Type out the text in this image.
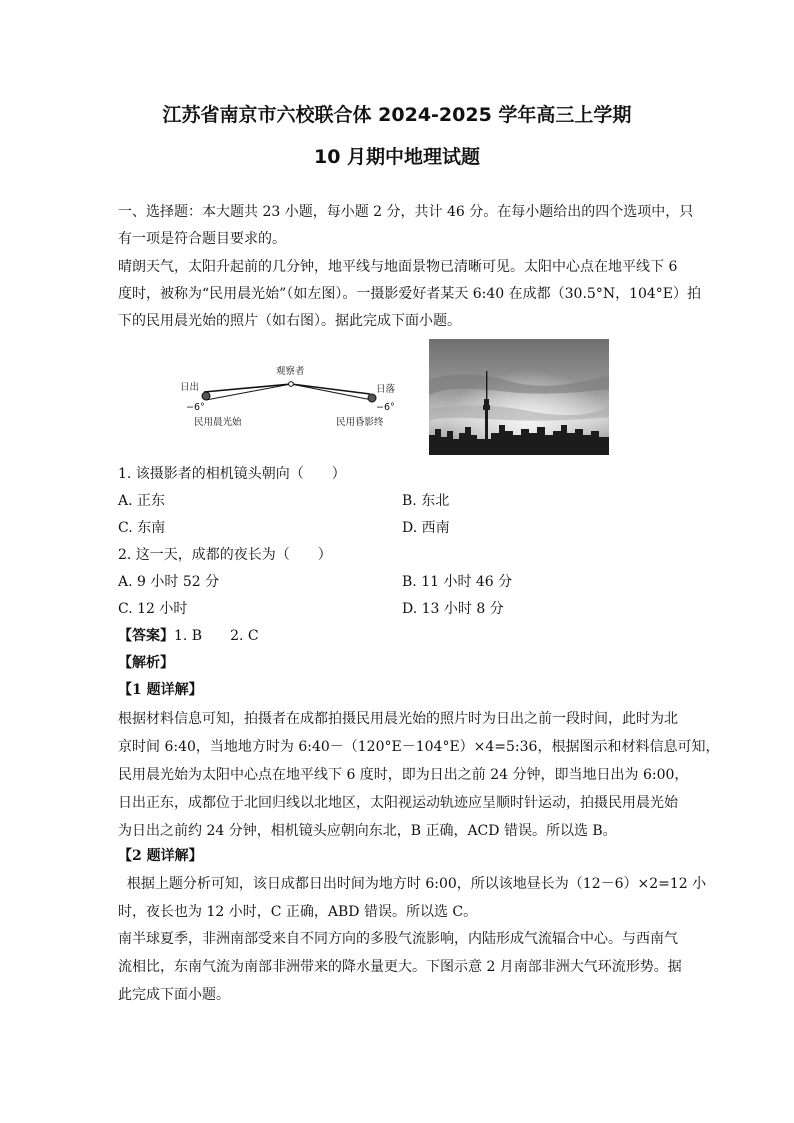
江苏省南京市六校联合体 2024-2025 学年高三上学期
10 月期中地理试题
一、选择题：本大题共 23 小题，每小题 2 分，共计 46 分。在每小题给出的四个选项中，只
有一项是符合题目要求的。
晴朗天气，太阳升起前的几分钟，地平线与地面景物已清晰可见。太阳中心点在地平线下 6
度时，被称为“民用晨光始”（如左图）。一摄影爱好者某天 6:40 在成都（30.5°N，104°E）拍
下的民用晨光始的照片（如右图）。据此完成下面小题。
观察者
日出	日落
−6°	−6°
民用晨光始	民用昏影终
1. 该摄影者的相机镜头朝向（　　）
A. 正东	B. 东北
C. 东南	D. 西南
2. 这一天，成都的夜长为（　　）
A. 9 小时 52 分	B. 11 小时 46 分
C. 12 小时	D. 13 小时 8 分
【答案】1. B　　2. C
【解析】
【1 题详解】
根据材料信息可知，拍摄者在成都拍摄民用晨光始的照片时为日出之前一段时间，此时为北
京时间 6:40，当地地方时为 6:40－（120°E－104°E）×4=5:36，根据图示和材料信息可知，
民用晨光始为太阳中心点在地平线下 6 度时，即为日出之前 24 分钟，即当地日出为 6:00，
日出正东，成都位于北回归线以北地区，太阳视运动轨迹应呈顺时针运动，拍摄民用晨光始
为日出之前约 24 分钟，相机镜头应朝向东北，B 正确，ACD 错误。所以选 B。
【2 题详解】
根据上题分析可知，该日成都日出时间为地方时 6:00，所以该地昼长为（12－6）×2=12 小
时，夜长也为 12 小时，C 正确，ABD 错误。所以选 C。
南半球夏季，非洲南部受来自不同方向的多股气流影响，内陆形成气流辐合中心。与西南气
流相比，东南气流为南部非洲带来的降水量更大。下图示意 2 月南部非洲大气环流形势。据
此完成下面小题。
